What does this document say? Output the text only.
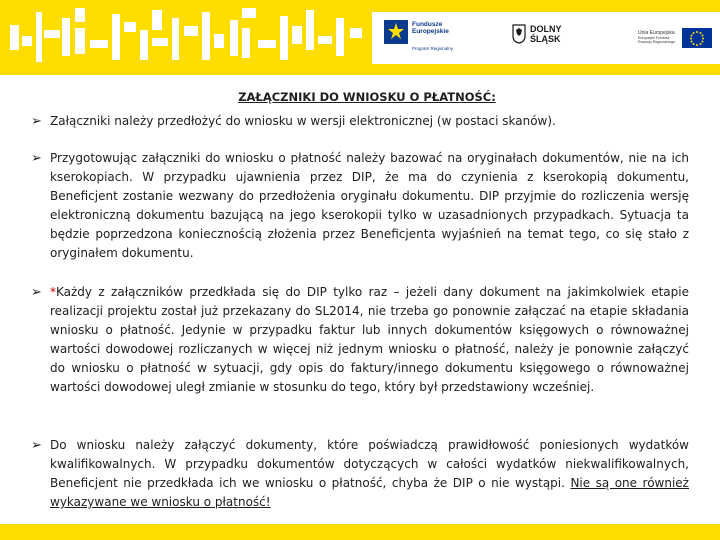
Fundusze
Europejskie
Program Regionalny
DOLNY
ŚLĄSK
Unia Europejska
Europejski Fundusz
Rozwoju Regionalnego
ZAŁĄCZNIKI DO WNIOSKU O PŁATNOŚĆ:
➢ Załączniki należy przedłożyć do wniosku w wersji elektronicznej (w postaci skanów).
➢ Przygotowując załączniki do wniosku o płatność należy bazować na oryginałach dokumentów, nie na ich kserokopiach. W przypadku ujawnienia przez DIP, że ma do czynienia z kserokopią dokumentu, Beneficjent zostanie wezwany do przedłożenia oryginału dokumentu. DIP przyjmie do rozliczenia wersję elektroniczną dokumentu bazującą na jego kserokopii tylko w uzasadnionych przypadkach. Sytuacja ta będzie poprzedzona koniecznością złożenia przez Beneficjenta wyjaśnień na temat tego, co się stało z oryginałem dokumentu.
➢ *Każdy z załączników przedkłada się do DIP tylko raz – jeżeli dany dokument na jakimkolwiek etapie realizacji projektu został już przekazany do SL2014, nie trzeba go ponownie załączać na etapie składania wniosku o płatność. Jedynie w przypadku faktur lub innych dokumentów księgowych o równoważnej wartości dowodowej rozliczanych w więcej niż jednym wniosku o płatność, należy je ponownie załączyć do wniosku o płatność w sytuacji, gdy opis do faktury/innego dokumentu księgowego o równoważnej wartości dowodowej uległ zmianie w stosunku do tego, który był przedstawiony wcześniej.
➢ Do wniosku należy załączyć dokumenty, które poświadczą prawidłowość poniesionych wydatków kwalifikowalnych. W przypadku dokumentów dotyczących w całości wydatków niekwalifikowalnych, Beneficjent nie przedkłada ich we wniosku o płatność, chyba że DIP o nie wystąpi. Nie są one również wykazywane we wniosku o płatność!
